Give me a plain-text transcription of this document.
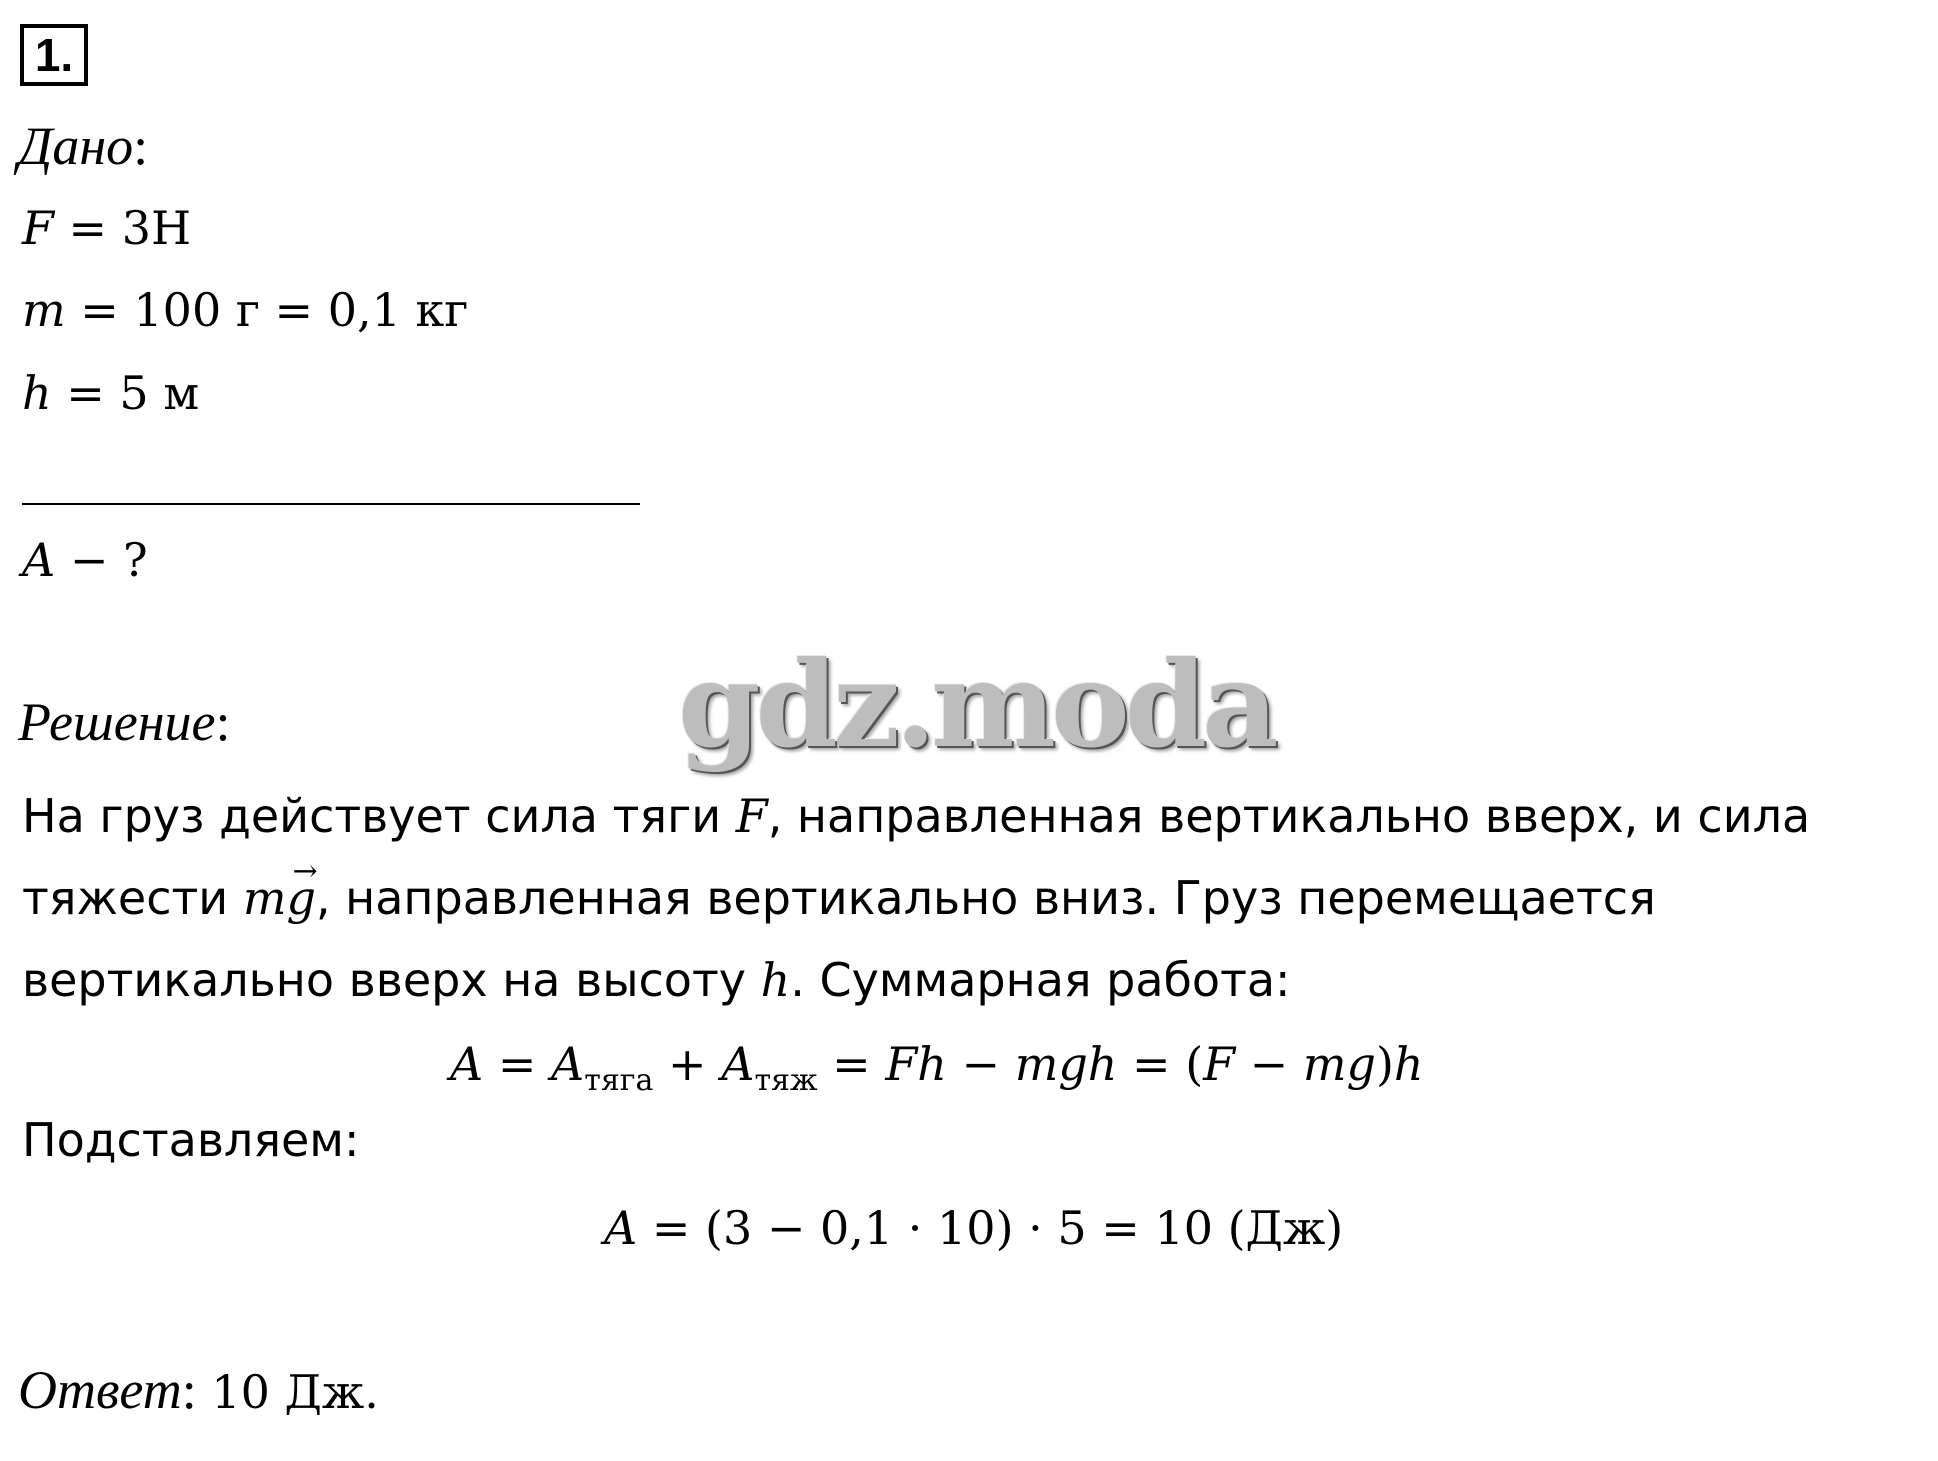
1.
Дано:
F = 3Н
m = 100 г = 0,1 кг
h = 5 м
A − ?
Решение:	gdz.moda
На груз действует сила тяги F, направленная вертикально вверх, и сила
тяжести mg →, направленная вертикально вниз. Груз перемещается
вертикально вверх на высоту h. Суммарная работа:
$A = A_{тяга} + A_{тяж} = Fh$ − mgh = (F − mg)h
Подставляем:
A = (3 − 0,1 · 10) · 5 = 10 (Дж)
Ответ: 10 Дж.
